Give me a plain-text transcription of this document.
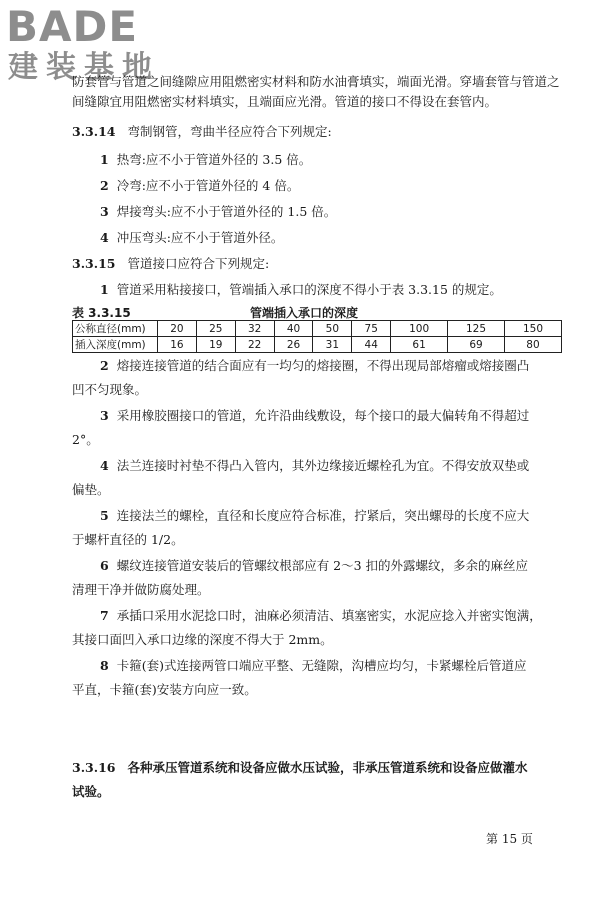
BADE
建装基地
防套管与管道之间缝隙应用阻燃密实材料和防水油膏填实，端面光滑。穿墙套管与管道之间缝隙宜用阻燃密实材料填实，且端面应光滑。管道的接口不得设在套管内。
3.3.14 弯制钢管，弯曲半径应符合下列规定:
1 热弯:应不小于管道外径的 3.5 倍。
2 冷弯:应不小于管道外径的 4 倍。
3 焊接弯头:应不小于管道外径的 1.5 倍。
4 冲压弯头:应不小于管道外径。
3.3.15 管道接口应符合下列规定:
1 管道采用粘接接口，管端插入承口的深度不得小于表 3.3.15 的规定。
表 3.3.15	管端插入承口的深度
公称直径(mm)	20	25	32	40	50	75	100	125	150
插入深度(mm)	16	19	22	26	31	44	61	69	80
2 熔接连接管道的结合面应有一均匀的熔接圈，不得出现局部熔瘤或熔接圈凸
凹不匀现象。
3 采用橡胶圈接口的管道，允许沿曲线敷设，每个接口的最大偏转角不得超过
2°。
4 法兰连接时衬垫不得凸入管内，其外边缘接近螺栓孔为宜。不得安放双垫或
偏垫。
5 连接法兰的螺栓，直径和长度应符合标准，拧紧后，突出螺母的长度不应大
于螺杆直径的 1/2。
6 螺纹连接管道安装后的管螺纹根部应有 2～3 扣的外露螺纹，多余的麻丝应
清理干净并做防腐处理。
7 承插口采用水泥捻口时，油麻必须清洁、填塞密实，水泥应捻入并密实饱满，
其接口面凹入承口边缘的深度不得大于 2mm。
8 卡箍(套)式连接两管口端应平整、无缝隙，沟槽应均匀，卡紧螺栓后管道应
平直，卡箍(套)安装方向应一致。
3.3.16 各种承压管道系统和设备应做水压试验，非承压管道系统和设备应做灌水
试验。
第 15 页
